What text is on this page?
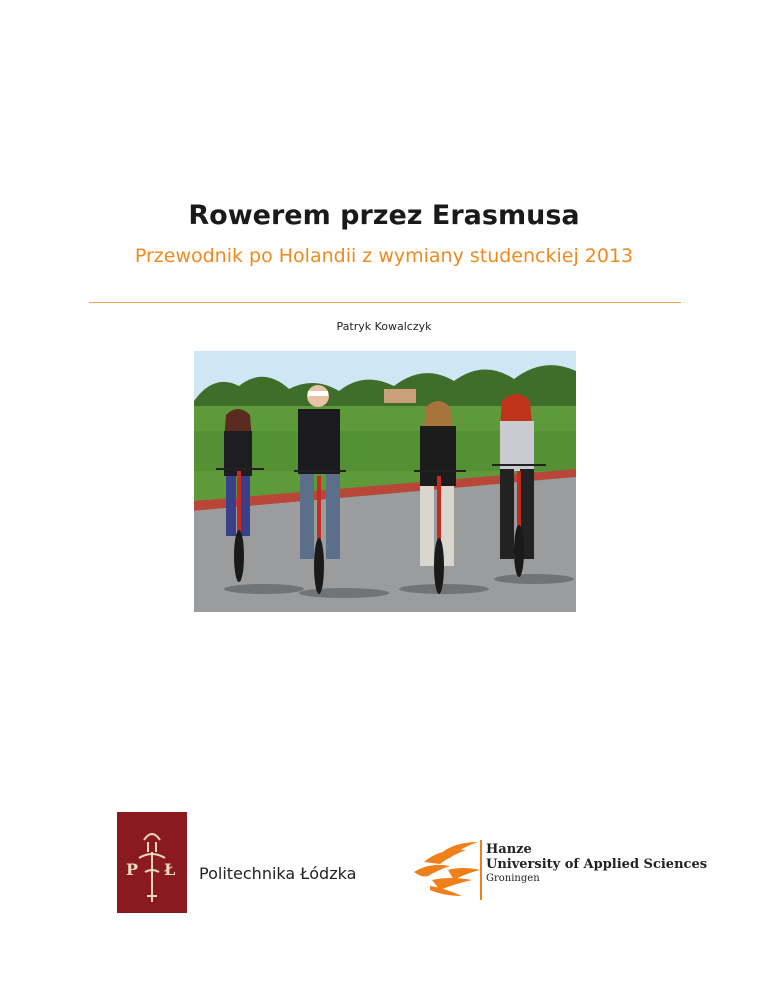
Rowerem przez Erasmusa
Przewodnik po Holandii z wymiany studenckiej 2013
Patryk Kowalczyk
P Ł Politechnika Łódzka
Hanze
University of Applied Sciences
Groningen
